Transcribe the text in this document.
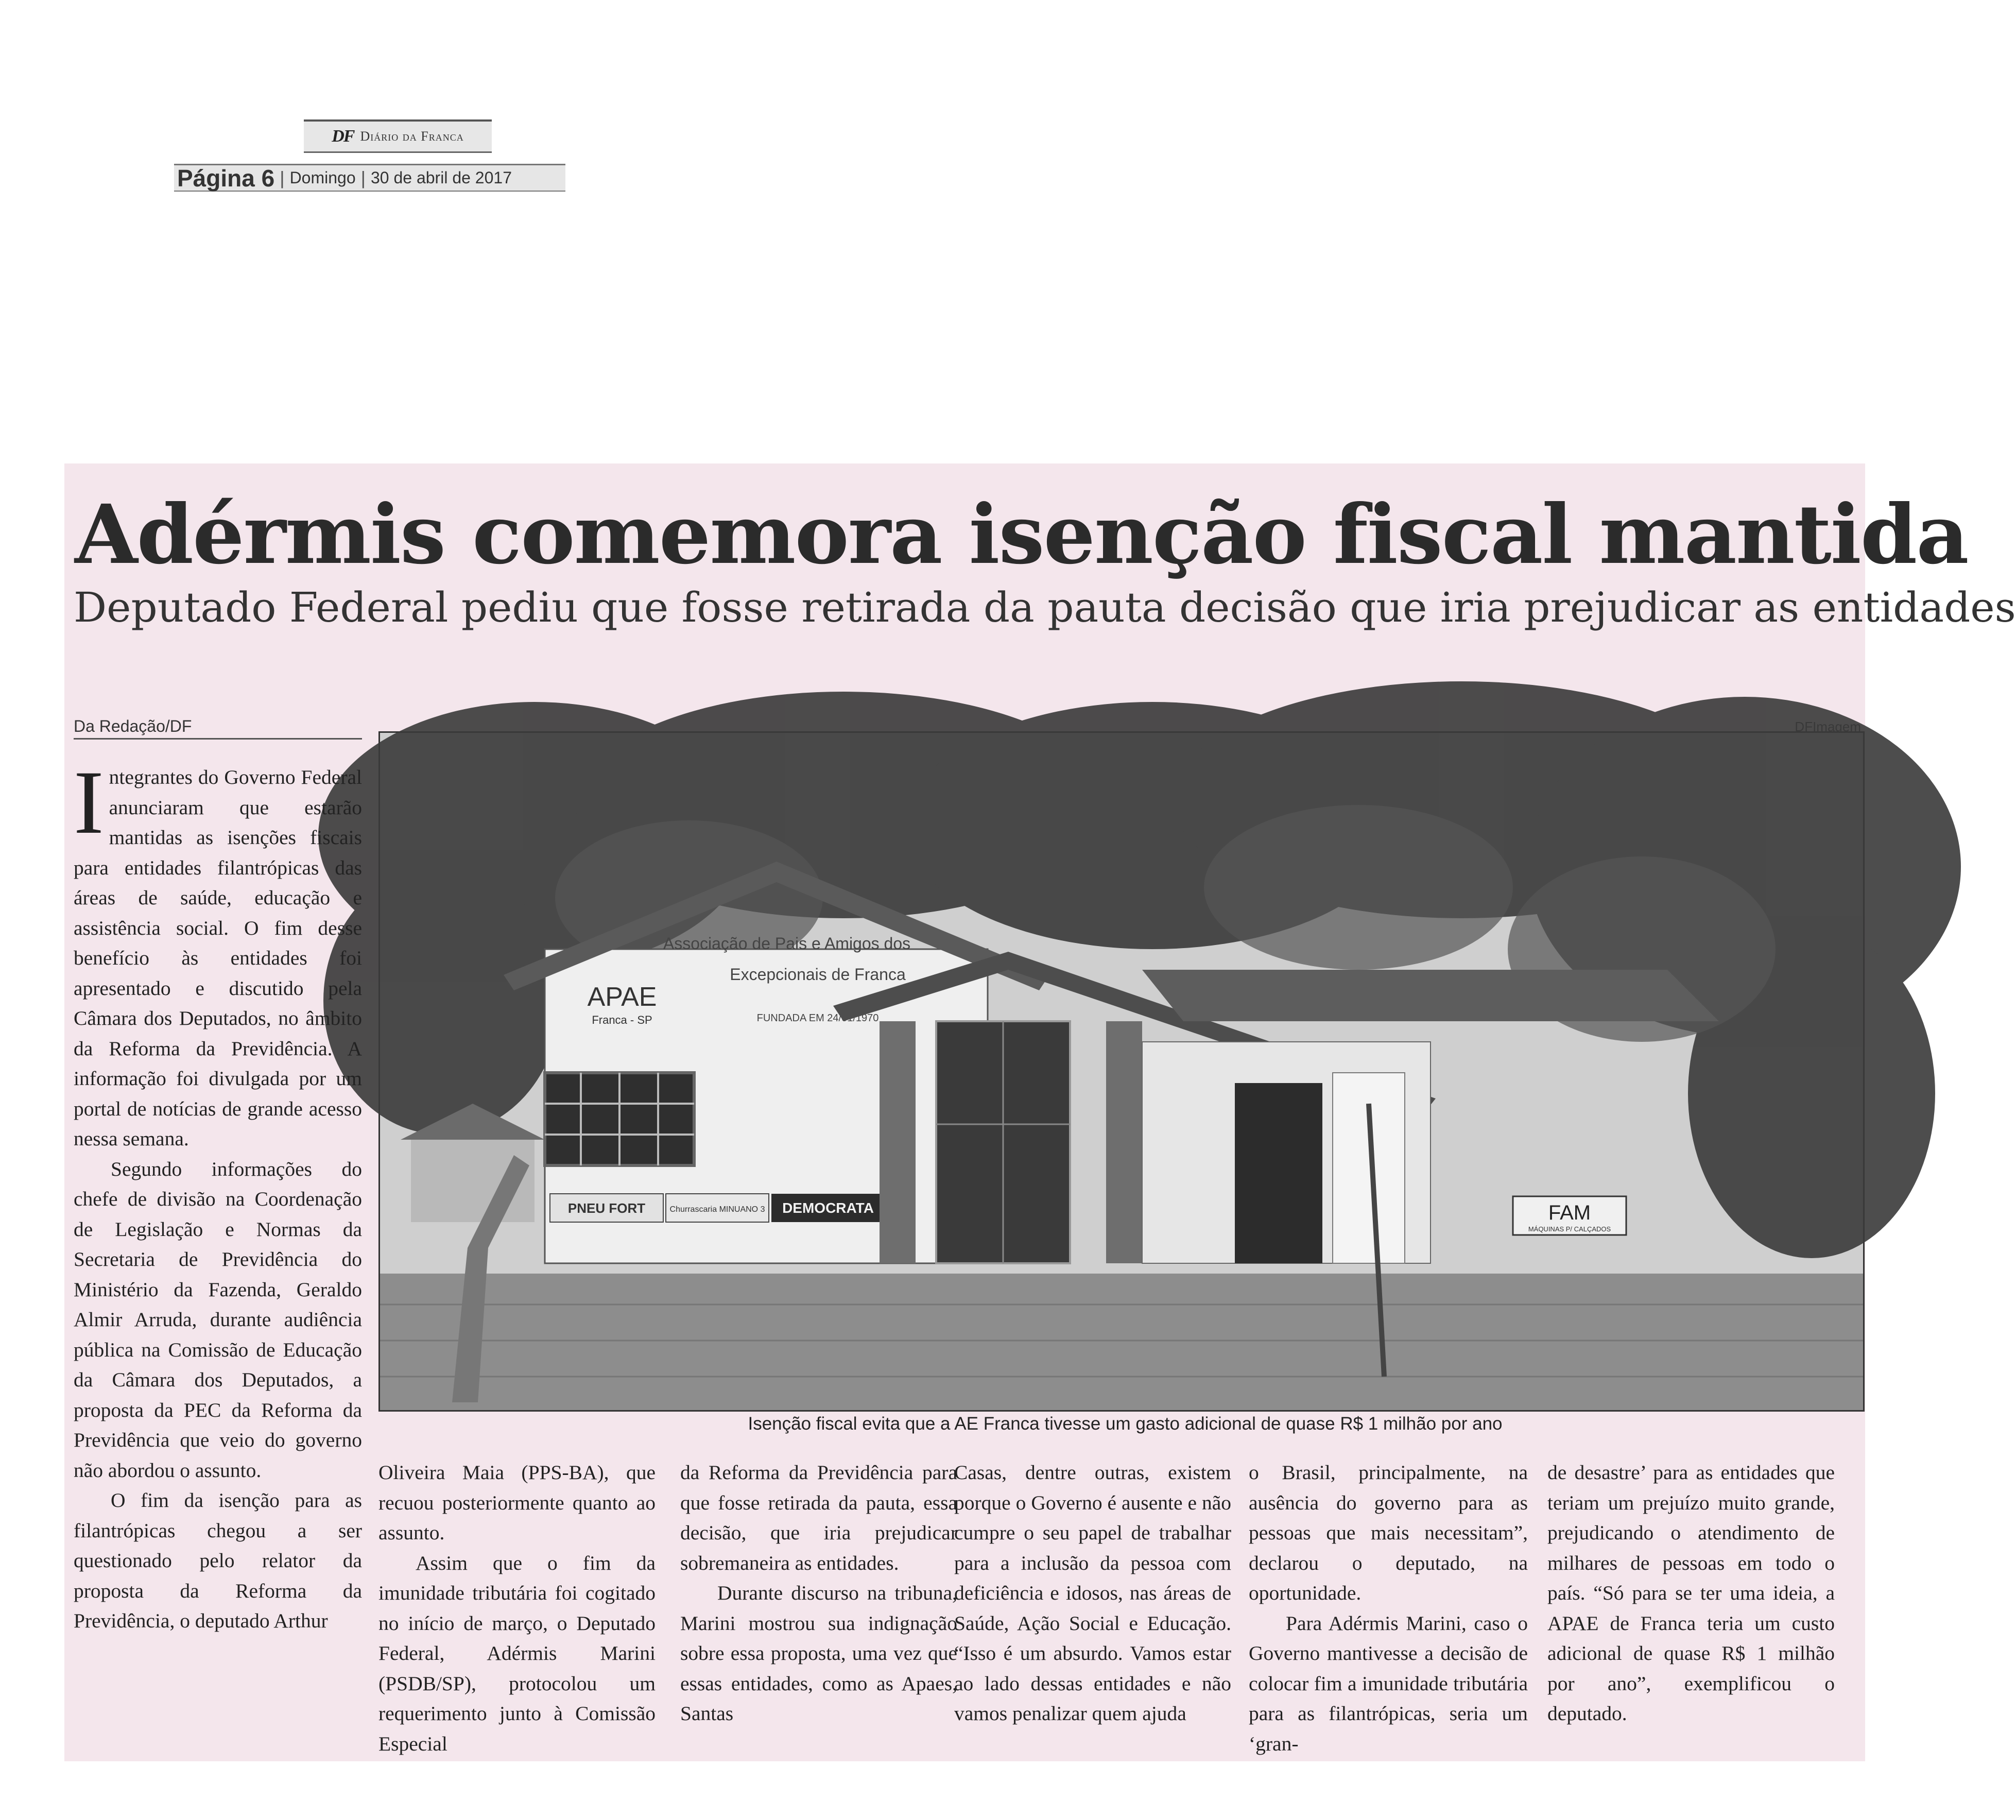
DF Diário da Franca
Página 6 | Domingo | 30 de abril de 2017
Adérmis comemora isenção fiscal mantida
Deputado Federal pediu que fosse retirada da pauta decisão que iria prejudicar as entidades
Da Redação/DF
Associação de Pais e Amigos dos
Excepcionais de Franca
APAE
Franca - SP	FUNDADA EM 24/01/1970
PNEU FORT	Churrascaria MINUANO 3 DEMOCRATA	FAM
MÁQUINAS P/ CALÇADOS
Isenção fiscal evita que a AE Franca tivesse um gasto adicional de quase R$ 1 milhão por ano

Integrantes do Governo Federal anunciaram que estarão mantidas as isenções fiscais para entidades filantrópicas das áreas de saúde, educação e assistência social. O fim desse benefício às entidades foi apresentado e discutido pela Câmara dos Deputados, no âmbito da Reforma da Previdência. A informação foi divulgada por um portal de notícias de grande acesso nessa semana.

Segundo informações do chefe de divisão na Coordenação de Legislação e Normas da Secretaria de Previdência do Ministério da Fazenda, Geraldo Almir Arruda, durante audiência pública na Comissão de Educação da Câmara dos Deputados, a proposta da PEC da Reforma da Previdência que veio do governo não abordou o assunto.

O fim da isenção para as filantrópicas chegou a ser questionado pelo relator da proposta da Reforma da Previdência, o deputado Arthur

Oliveira Maia (PPS-BA), que recuou posteriormente quanto ao assunto.

Assim que o fim da imunidade tributária foi cogitado no início de março, o Deputado Federal, Adérmis Marini (PSDB/SP), protocolou um requerimento junto à Comissão Especial

da Reforma da Previdência para que fosse retirada da pauta, essa decisão, que iria prejudicar sobremaneira as entidades.

Durante discurso na tribuna, Marini mostrou sua indignação sobre essa proposta, uma vez que essas entidades, como as Apaes, Santas

Casas, dentre outras, existem porque o Governo é ausente e não cumpre o seu papel de trabalhar para a inclusão da pessoa com deficiência e idosos, nas áreas de Saúde, Ação Social e Educação. “Isso é um absurdo. Vamos estar ao lado dessas entidades e não vamos penalizar quem ajuda

o Brasil, principalmente, na ausência do governo para as pessoas que mais necessitam”, declarou o deputado, na oportunidade.

Para Adérmis Marini, caso o Governo mantivesse a decisão de colocar fim a imunidade tributária para as filantrópicas, seria um ‘gran-

de desastre’ para as entidades que teriam um prejuízo muito grande, prejudicando o atendimento de milhares de pessoas em todo o país. “Só para se ter uma ideia, a APAE de Franca teria um custo adicional de quase R$ 1 milhão por ano”, exemplificou o deputado.
